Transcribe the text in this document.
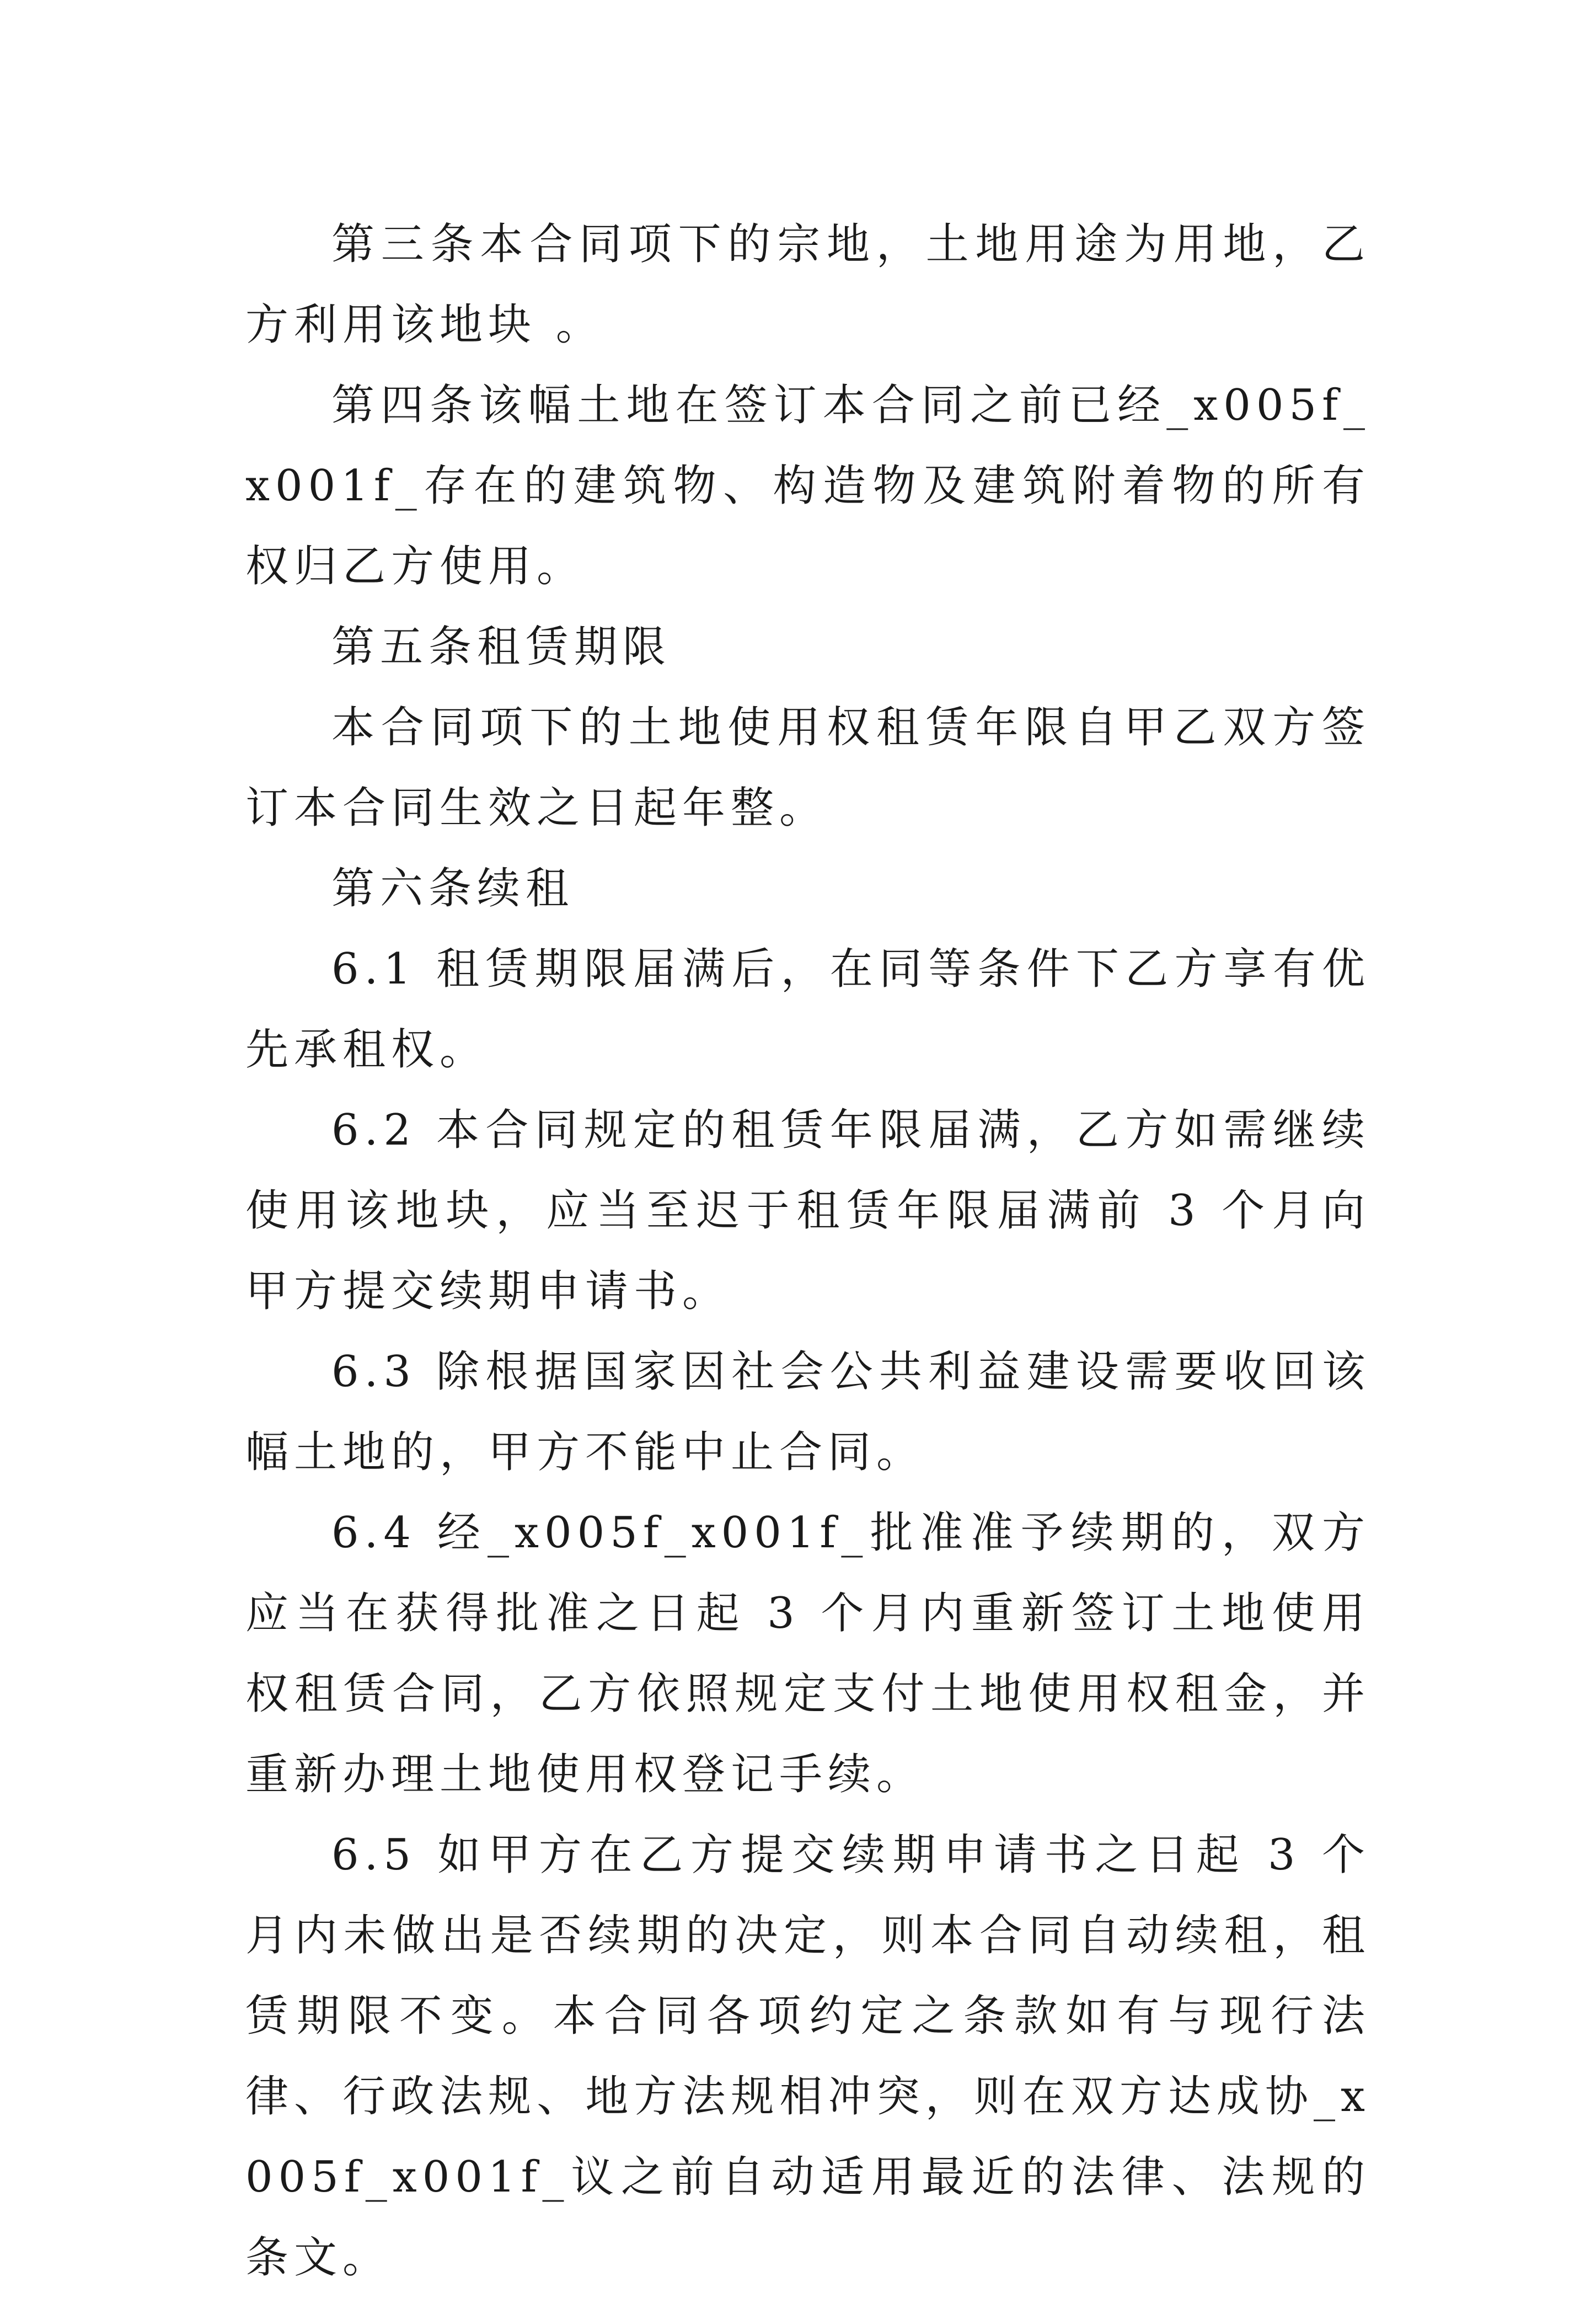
第三条本合同项下的宗地，土地用途为用地，乙方利用该地块 。

第四条该幅土地在签订本合同之前已经_x005f_x001f_存在的建筑物、构造物及建筑附着物的所有权归乙方使用。

第五条租赁期限

本合同项下的土地使用权租赁年限自甲乙双方签订本合同生效之日起年整。

第六条续租

6.1 租赁期限届满后，在同等条件下乙方享有优先承租权。

6.2 本合同规定的租赁年限届满，乙方如需继续使用该地块，应当至迟于租赁年限届满前 3 个月向甲方提交续期申请书。

6.3 除根据国家因社会公共利益建设需要收回该幅土地的，甲方不能中止合同。

6.4 经_x005f_x001f_批准准予续期的，双方应当在获得批准之日起 3 个月内重新签订土地使用权租赁合同，乙方依照规定支付土地使用权租金，并重新办理土地使用权登记手续。

6.5 如甲方在乙方提交续期申请书之日起 3 个月内未做出是否续期的决定，则本合同自动续租，租赁期限不变。本合同各项约定之条款如有与现行法律、行政法规、地方法规相冲突，则在双方达成协_x005f_x001f_议之前自动适用最近的法律、法规的条文。
